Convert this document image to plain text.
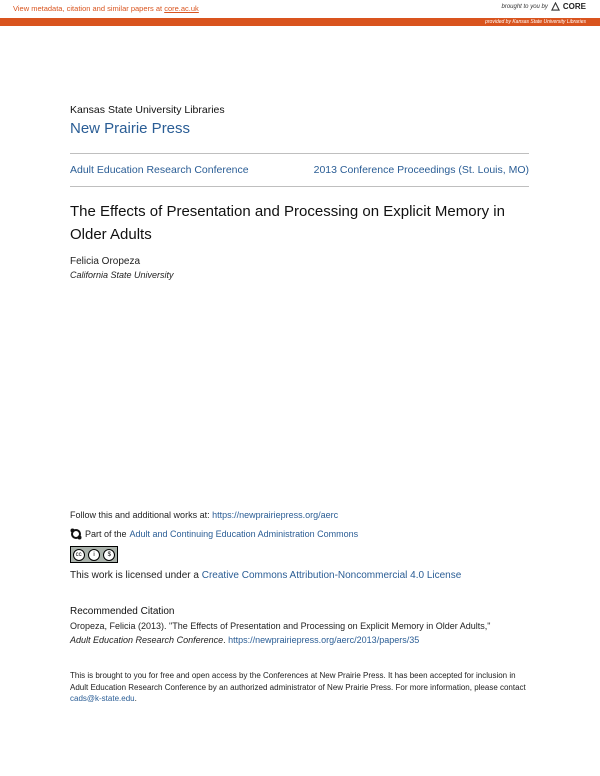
View metadata, citation and similar papers at core.ac.uk	brought to you by CORE
provided by Kansas State University Libraries
Kansas State University Libraries
New Prairie Press
Adult Education Research Conference	2013 Conference Proceedings (St. Louis, MO)
The Effects of Presentation and Processing on Explicit Memory in Older Adults
Felicia Oropeza
California State University
Follow this and additional works at: https://newprairiepress.org/aerc
Part of the Adult and Continuing Education Administration Commons
cc	i	$
This work is licensed under a Creative Commons Attribution-Noncommercial 4.0 License
Recommended Citation
Oropeza, Felicia (2013). "The Effects of Presentation and Processing on Explicit Memory in Older Adults,"
Adult Education Research Conference. https://newprairiepress.org/aerc/2013/papers/35
This is brought to you for free and open access by the Conferences at New Prairie Press. It has been accepted for inclusion in Adult Education Research Conference by an authorized administrator of New Prairie Press. For more information, please contact cads@k-state.edu.
